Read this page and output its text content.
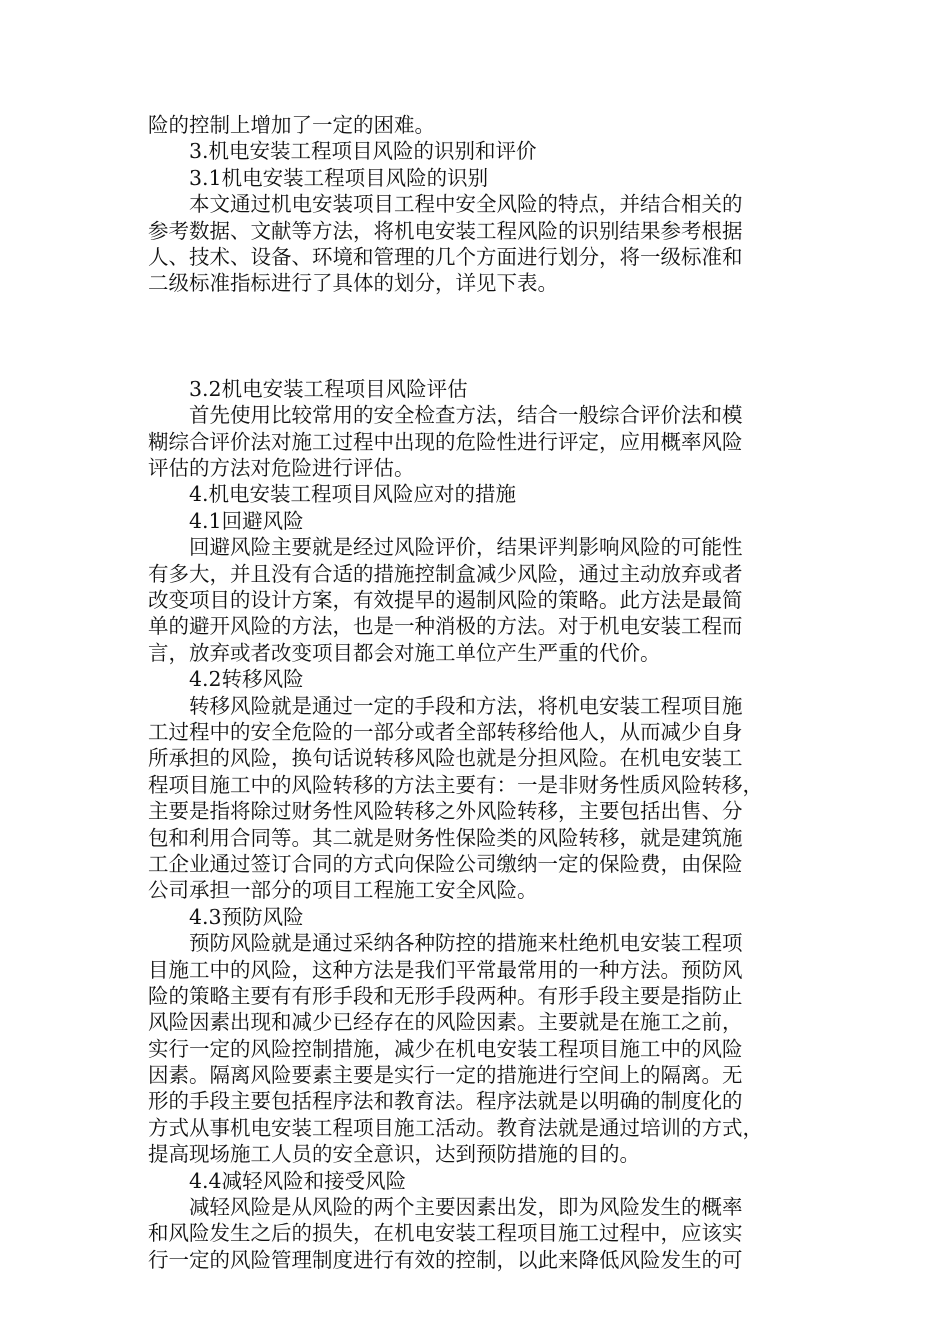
险的控制上增加了一定的困难。
3.机电安装工程项目风险的识别和评价
3.1机电安装工程项目风险的识别
本文通过机电安装项目工程中安全风险的特点，并结合相关的
参考数据、文献等方法，将机电安装工程风险的识别结果参考根据
人、技术、设备、环境和管理的几个方面进行划分，将一级标准和
二级标准指标进行了具体的划分，详见下表。
3.2机电安装工程项目风险评估
首先使用比较常用的安全检查方法，结合一般综合评价法和模
糊综合评价法对施工过程中出现的危险性进行评定，应用概率风险
评估的方法对危险进行评估。
4.机电安装工程项目风险应对的措施
4.1回避风险
回避风险主要就是经过风险评价，结果评判影响风险的可能性
有多大，并且没有合适的措施控制盒减少风险，通过主动放弃或者
改变项目的设计方案，有效提早的遏制风险的策略。此方法是最简
单的避开风险的方法，也是一种消极的方法。对于机电安装工程而
言，放弃或者改变项目都会对施工单位产生严重的代价。
4.2转移风险
转移风险就是通过一定的手段和方法，将机电安装工程项目施
工过程中的安全危险的一部分或者全部转移给他人，从而减少自身
所承担的风险，换句话说转移风险也就是分担风险。在机电安装工
程项目施工中的风险转移的方法主要有：一是非财务性质风险转移，
主要是指将除过财务性风险转移之外风险转移，主要包括出售、分
包和利用合同等。其二就是财务性保险类的风险转移，就是建筑施
工企业通过签订合同的方式向保险公司缴纳一定的保险费，由保险
公司承担一部分的项目工程施工安全风险。
4.3预防风险
预防风险就是通过采纳各种防控的措施来杜绝机电安装工程项
目施工中的风险，这种方法是我们平常最常用的一种方法。预防风
险的策略主要有有形手段和无形手段两种。有形手段主要是指防止
风险因素出现和减少已经存在的风险因素。主要就是在施工之前，
实行一定的风险控制措施，减少在机电安装工程项目施工中的风险
因素。隔离风险要素主要是实行一定的措施进行空间上的隔离。无
形的手段主要包括程序法和教育法。程序法就是以明确的制度化的
方式从事机电安装工程项目施工活动。教育法就是通过培训的方式，
提高现场施工人员的安全意识，达到预防措施的目的。
4.4减轻风险和接受风险
减轻风险是从风险的两个主要因素出发，即为风险发生的概率
和风险发生之后的损失，在机电安装工程项目施工过程中，应该实
行一定的风险管理制度进行有效的控制，以此来降低风险发生的可
